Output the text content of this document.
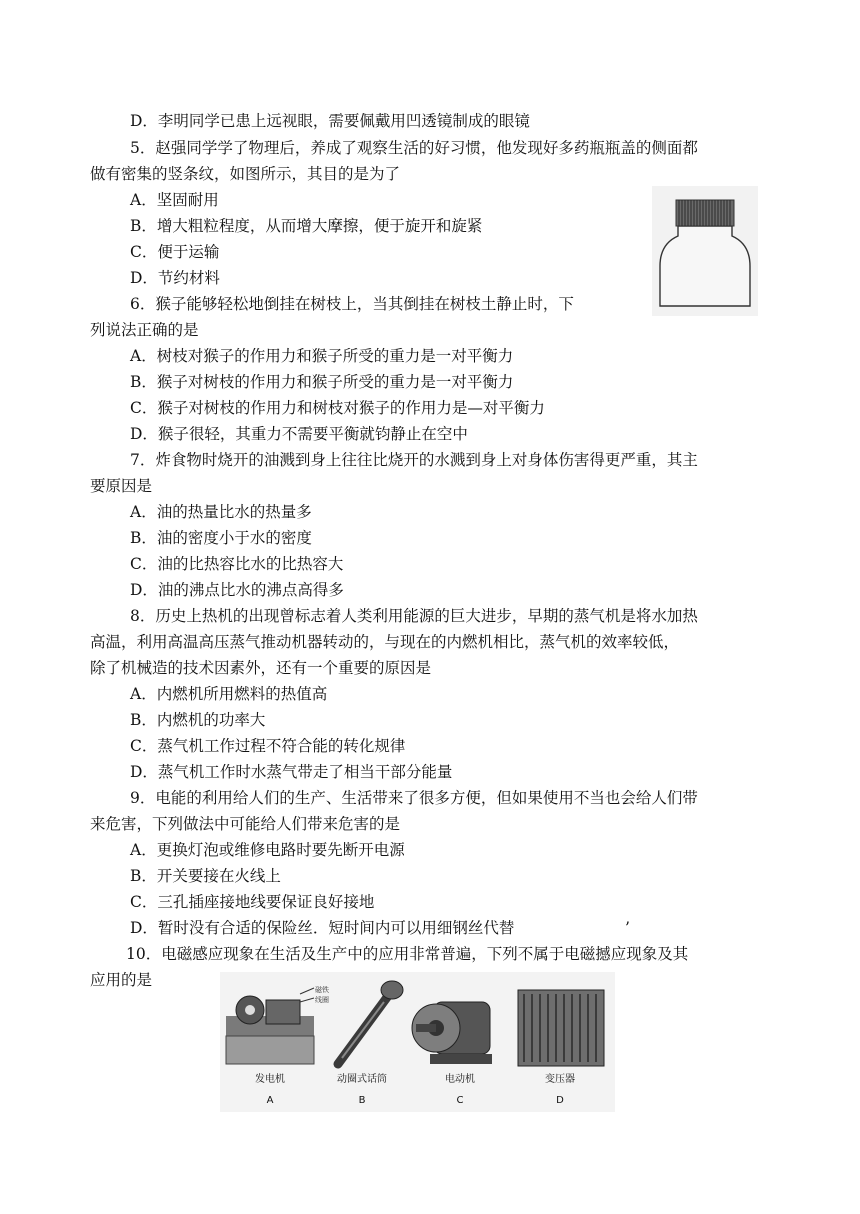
D．李明同学已患上远视眼，需要佩戴用凹透镜制成的眼镜
5．赵强同学学了物理后，养成了观察生活的好习惯，他发现好多药瓶瓶盖的侧面都
做有密集的竖条纹，如图所示，其目的是为了
A．坚固耐用
B．增大粗粒程度，从而增大摩擦，便于旋开和旋紧
C．便于运输
D．节约材料
6．猴子能够轻松地倒挂在树枝上，当其倒挂在树枝土静止时，下
列说法正确的是
A．树枝对猴子的作用力和猴子所受的重力是一对平衡力
B．猴子对树枝的作用力和猴子所受的重力是一对平衡力
C．猴子对树枝的作用力和树枝对猴子的作用力是—对平衡力
D．猴子很轻，其重力不需要平衡就钧静止在空中
7．炸食物时烧开的油溅到身上往往比烧开的水溅到身上对身体伤害得更严重，其主
要原因是
A．油的热量比水的热量多
B．油的密度小于水的密度
C．油的比热容比水的比热容大
D．油的沸点比水的沸点高得多
8．历史上热机的出现曾标志着人类利用能源的巨大进步，早期的蒸气机是将水加热
高温，利用高温高压蒸气推动机器转动的，与现在的内燃机相比，蒸气机的效率较低，
除了机械造的技术因素外，还有一个重要的原因是
A．内燃机所用燃料的热值高
B．内燃机的功率大
C．蒸气机工作过程不符合能的转化规律
D．蒸气机工作时水蒸气带走了相当干部分能量
9．电能的利用给人们的生产、生活带来了很多方便，但如果使用不当也会给人们带
来危害，下列做法中可能给人们带来危害的是
A．更换灯泡或维修电路时要先断开电源
B．开关要接在火线上
C．三孔插座接地线要保证良好接地
D．暂时没有合适的保险丝．短时间内可以用细钢丝代替	’
10．电磁感应现象在生活及生产中的应用非常普遍，下列不属于电磁撼应现象及其
应用的是
磁铁
线圈
发电机
A
动圈式话筒
B
电动机
C
变压器
D
